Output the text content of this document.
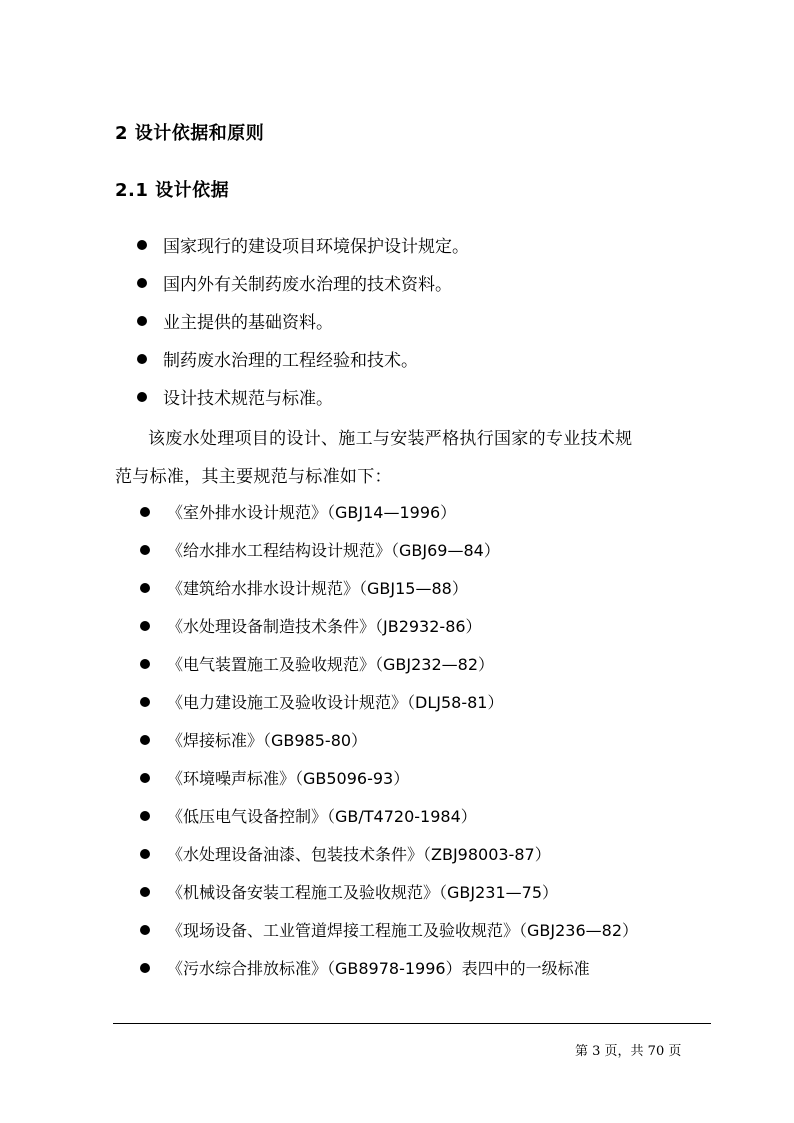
2 设计依据和原则
2.1 设计依据
国家现行的建设项目环境保护设计规定。
国内外有关制药废水治理的技术资料。
业主提供的基础资料。
制药废水治理的工程经验和技术。
设计技术规范与标准。
该废水处理项目的设计、施工与安装严格执行国家的专业技术规
范与标准，其主要规范与标准如下：
《室外排水设计规范》（GBJ14—1996）
《给水排水工程结构设计规范》（GBJ69—84）
《建筑给水排水设计规范》（GBJ15—88）
《水处理设备制造技术条件》（JB2932-86）
《电气装置施工及验收规范》（GBJ232—82）
《电力建设施工及验收设计规范》（DLJ58-81）
《焊接标准》（GB985-80）
《环境噪声标准》（GB5096-93）
《低压电气设备控制》（GB/T4720-1984）
《水处理设备油漆、包装技术条件》（ZBJ98003-87）
《机械设备安装工程施工及验收规范》（GBJ231—75）
《现场设备、工业管道焊接工程施工及验收规范》（GBJ236—82）
《污水综合排放标准》（GB8978-1996）表四中的一级标准
第 3 页，共 70 页
